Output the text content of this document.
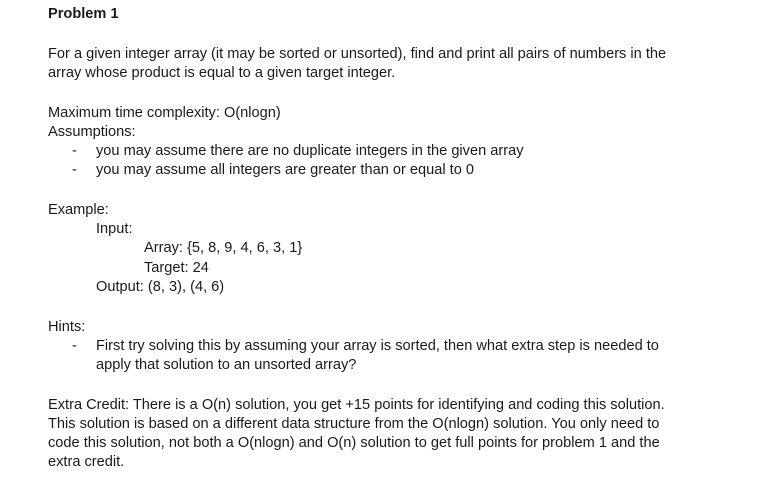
Problem 1
For a given integer array (it may be sorted or unsorted), find and print all pairs of numbers in the
array whose product is equal to a given target integer.
Maximum time complexity: O(nlogn)
Assumptions:
- you may assume there are no duplicate integers in the given array
- you may assume all integers are greater than or equal to 0
Example:
Input:
Array: {5, 8, 9, 4, 6, 3, 1}
Target: 24
Output: (8, 3), (4, 6)
Hints:
- First try solving this by assuming your array is sorted, then what extra step is needed to
apply that solution to an unsorted array?
Extra Credit: There is a O(n) solution, you get +15 points for identifying and coding this solution.
This solution is based on a different data structure from the O(nlogn) solution. You only need to
code this solution, not both a O(nlogn) and O(n) solution to get full points for problem 1 and the
extra credit.
